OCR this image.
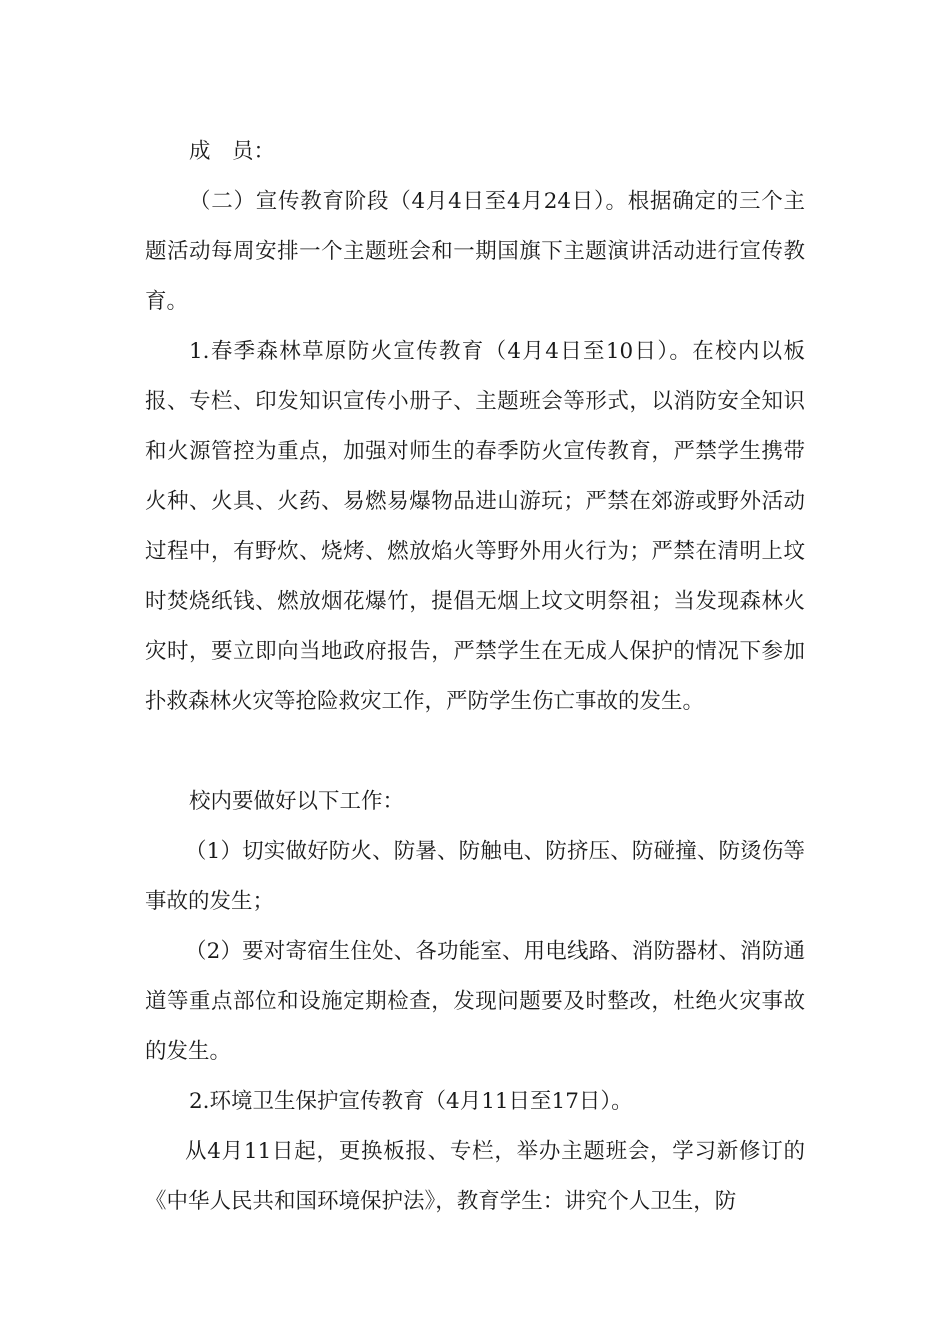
成　员：

（二）宣传教育阶段（4月4日至4月24日）。根据确定的三个主题活动每周安排一个主题班会和一期国旗下主题演讲活动进行宣传教育。

1.春季森林草原防火宣传教育（4月4日至10日）。在校内以板报、专栏、印发知识宣传小册子、主题班会等形式，以消防安全知识和火源管控为重点，加强对师生的春季防火宣传教育，严禁学生携带火种、火具、火药、易燃易爆物品进山游玩；严禁在郊游或野外活动过程中，有野炊、烧烤、燃放焰火等野外用火行为；严禁在清明上坟时焚烧纸钱、燃放烟花爆竹，提倡无烟上坟文明祭祖；当发现森林火灾时，要立即向当地政府报告，严禁学生在无成人保护的情况下参加扑救森林火灾等抢险救灾工作，严防学生伤亡事故的发生。

校内要做好以下工作：

（1）切实做好防火、防暑、防触电、防挤压、防碰撞、防烫伤等事故的发生；

（2）要对寄宿生住处、各功能室、用电线路、消防器材、消防通道等重点部位和设施定期检查，发现问题要及时整改，杜绝火灾事故的发生。

2.环境卫生保护宣传教育（4月11日至17日）。

从4月11日起，更换板报、专栏，举办主题班会，学习新修订的《中华人民共和国环境保护法》，教育学生：讲究个人卫生，防
